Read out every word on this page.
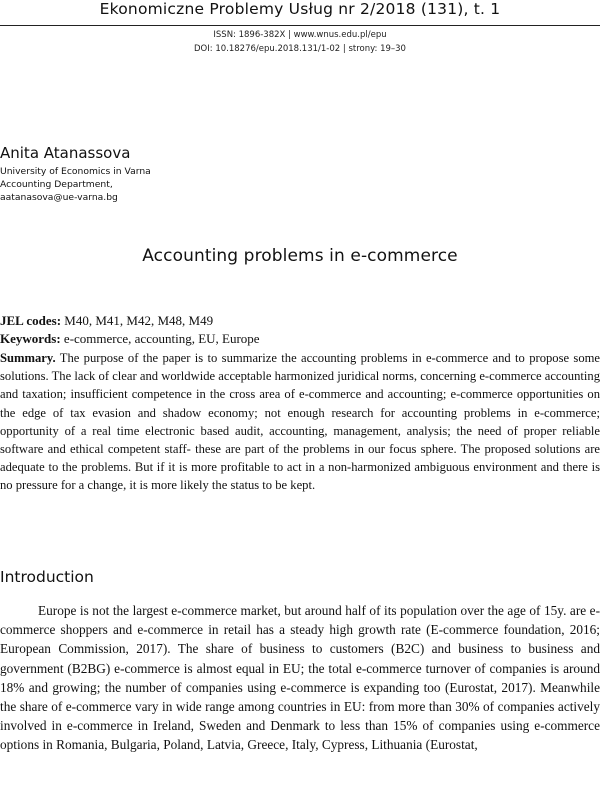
Ekonomiczne Problemy Usług nr 2/2018 (131), t. 1
ISSN: 1896-382X | www.wnus.edu.pl/epu
DOI: 10.18276/epu.2018.131/1-02 | strony: 19–30
Anita Atanassova
University of Economics in Varna
Accounting Department,
aatanasova@ue-varna.bg
Accounting problems in e-commerce
JEL codes: M40, M41, M42, M48, M49
Keywords: e-commerce, accounting, EU, Europe

Summary. The purpose of the paper is to summarize the accounting problems in e-commerce and to propose some solutions. The lack of clear and worldwide acceptable harmonized juridical norms, concerning e-commerce accounting and taxation; insufficient competence in the cross area of e-commerce and accounting; e-commerce opportunities on the edge of tax evasion and shadow economy; not enough research for accounting problems in e-commerce; opportunity of a real time electronic based audit, accounting, management, analysis; the need of proper reliable software and ethical competent staff- these are part of the problems in our focus sphere. The proposed solutions are adequate to the problems. But if it is more profitable to act in a non-harmonized ambiguous environment and there is no pressure for a change, it is more likely the status to be kept.

Introduction

Europe is not the largest e-commerce market, but around half of its population over the age of 15y. are e-commerce shoppers and e-commerce in retail has a steady high growth rate (E-commerce foundation, 2016; European Commission, 2017). The share of business to customers (B2C) and business to business and government (B2BG) e-commerce is almost equal in EU; the total e-commerce turnover of companies is around 18% and growing; the number of companies using e-commerce is expanding too (Eurostat, 2017). Meanwhile the share of e-commerce vary in wide range among countries in EU: from more than 30% of companies actively involved in e-commerce in Ireland, Sweden and Denmark to less than 15% of companies using e-commerce options in Romania, Bulgaria, Poland, Latvia, Greece, Italy, Cypress, Lithuania (Eurostat,
